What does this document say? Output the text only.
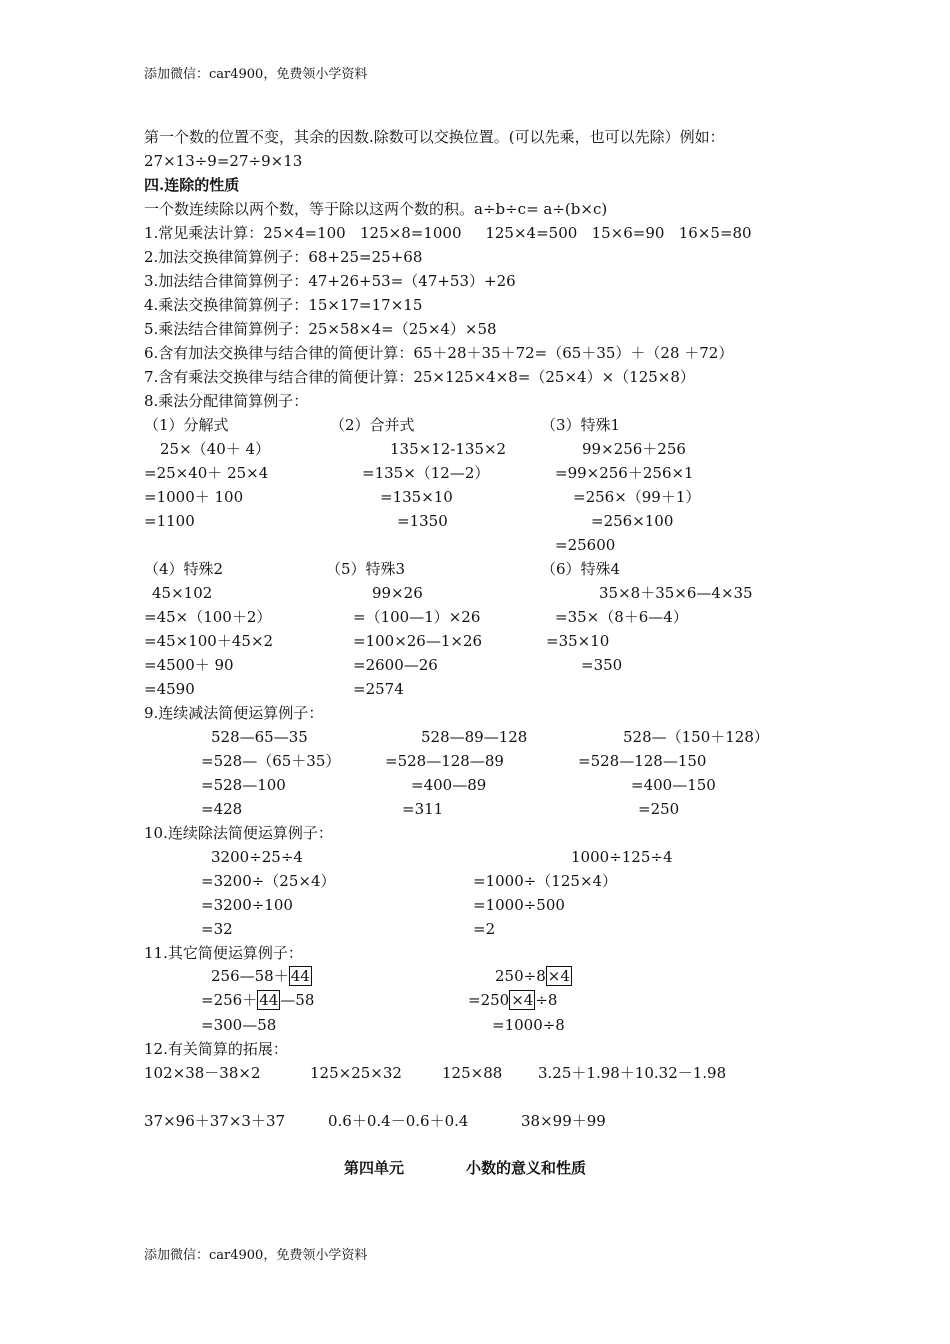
添加微信：car4900，免费领小学资料
第一个数的位置不变，其余的因数.除数可以交换位置。(可以先乘，也可以先除）例如：
27×13÷9=27÷9×13
四.连除的性质
一个数连续除以两个数，等于除以这两个数的积。a÷b÷c= a÷(b×c)
1.常见乘法计算：25×4=100   125×8=1000     125×4=500   15×6=90   16×5=80
2.加法交换律简算例子：68+25=25+68
3.加法结合律简算例子：47+26+53=（47+53）+26
4.乘法交换律简算例子：15×17=17×15
5.乘法结合律简算例子：25×58×4=（25×4）×58
6.含有加法交换律与结合律的简便计算：65＋28＋35＋72=（65＋35）＋（28 ＋72）
7.含有乘法交换律与结合律的简便计算：25×125×4×8=（25×4）×（125×8）
8.乘法分配律简算例子：
（1）分解式
25×（40＋ 4）
=25×40＋ 25×4
=1000＋ 100
=1100
（2）合并式
135×12-135×2
=135×（12—2）
=135×10
=1350
（3）特殊1
99×256＋256
=99×256＋256×1
=256×（99＋1）
=256×100
=25600
（4）特殊2
45×102
=45×（100＋2）
=45×100＋45×2
=4500＋ 90
=4590
（5）特殊3
99×26
=（100—1）×26
=100×26—1×26
=2600—26
=2574
（6）特殊4
35×8＋35×6—4×35
=35×（8＋6—4）
=35×10
=350
9.连续减法简便运算例子：
528—65—35
=528—（65＋35）
=528—100
=428
528—89—128
=528—128—89
=400—89
=311
528—（150＋128）
=528—128—150
=400—150
=250
10.连续除法简便运算例子：
3200÷25÷4
=3200÷（25×4）
=3200÷100
=32
1000÷125÷4
=1000÷（125×4）
=1000÷500
=2
11.其它简便运算例子：
256—58＋ 44
=256＋ 44 —58
=300—58
250÷8 ×4
=250 ×4 ÷8
=1000÷8
12.有关简算的拓展：
102×38－38×2	125×25×32	125×88 3.25＋1.98＋10.32－1.98
37×96＋37×3＋37	0.6＋0.4－0.6＋0.4	38×99＋99
第四单元	小数的意义和性质
添加微信：car4900，免费领小学资料
